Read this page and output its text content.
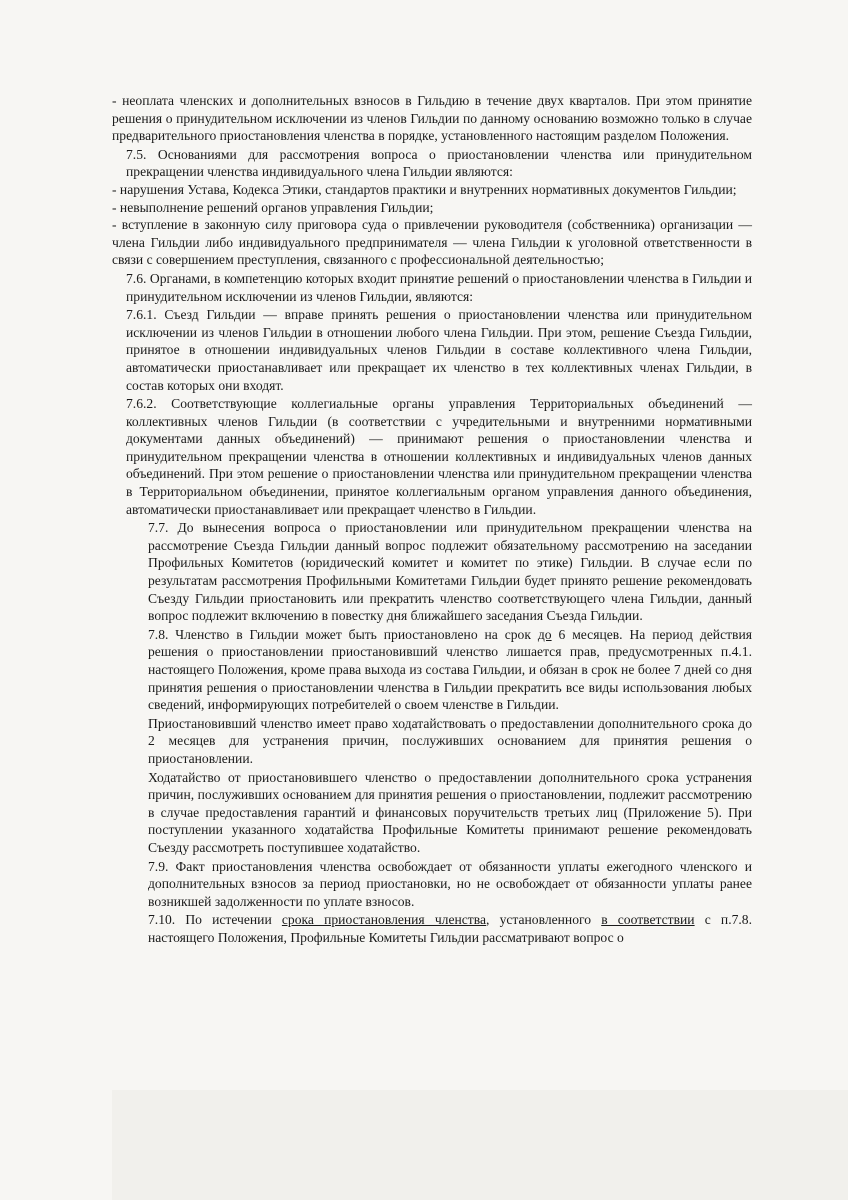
- неоплата членских и дополнительных взносов в Гильдию в течение двух кварталов. При этом принятие решения о принудительном исключении из членов Гильдии по данному основанию возможно только в случае предварительного приостановления членства в порядке, установленного настоящим разделом Положения.

7.5. Основаниями для рассмотрения вопроса о приостановлении членства или принудительном прекращении членства индивидуального члена Гильдии являются:

- нарушения Устава, Кодекса Этики, стандартов практики и внутренних нормативных документов Гильдии;

- невыполнение решений органов управления Гильдии;

- вступление в законную силу приговора суда о привлечении руководителя (собственника) организации — члена Гильдии либо индивидуального предпринимателя — члена Гильдии к уголовной ответственности в связи с совершением преступления, связанного с профессиональной деятельностью;

7.6. Органами, в компетенцию которых входит принятие решений о приостановлении членства в Гильдии и принудительном исключении из членов Гильдии, являются:

7.6.1. Съезд Гильдии — вправе принять решения о приостановлении членства или принудительном исключении из членов Гильдии в отношении любого члена Гильдии. При этом, решение Съезда Гильдии, принятое в отношении индивидуальных членов Гильдии в составе коллективного члена Гильдии, автоматически приостанавливает или прекращает их членство в тех коллективных членах Гильдии, в состав которых они входят.

7.6.2. Соответствующие коллегиальные органы управления Территориальных объединений — коллективных членов Гильдии (в соответствии с учредительными и внутренними нормативными документами данных объединений) — принимают решения о приостановлении членства и принудительном прекращении членства в отношении коллективных и индивидуальных членов данных объединений. При этом решение о приостановлении членства или принудительном прекращении членства в Территориальном объединении, принятое коллегиальным органом управления данного объединения, автоматически приостанавливает или прекращает членство в Гильдии.

7.7. До вынесения вопроса о приостановлении или принудительном прекращении членства на рассмотрение Съезда Гильдии данный вопрос подлежит обязательному рассмотрению на заседании Профильных Комитетов (юридический комитет и комитет по этике) Гильдии. В случае если по результатам рассмотрения Профильными Комитетами Гильдии будет принято решение рекомендовать Съезду Гильдии приостановить или прекратить членство соответствующего члена Гильдии, данный вопрос подлежит включению в повестку дня ближайшего заседания Съезда Гильдии.

7.8. Членство в Гильдии может быть приостановлено на срок до 6 месяцев. На период действия решения о приостановлении приостановивший членство лишается прав, предусмотренных п.4.1. настоящего Положения, кроме права выхода из состава Гильдии, и обязан в срок не более 7 дней со дня принятия решения о приостановлении членства в Гильдии прекратить все виды использования любых сведений, информирующих потребителей о своем членстве в Гильдии.

Приостановивший членство имеет право ходатайствовать о предоставлении дополнительного срока до 2 месяцев для устранения причин, послуживших основанием для принятия решения о приостановлении.

Ходатайство от приостановившего членство о предоставлении дополнительного срока устранения причин, послуживших основанием для принятия решения о приостановлении, подлежит рассмотрению в случае предоставления гарантий и финансовых поручительств третьих лиц (Приложение 5). При поступлении указанного ходатайства Профильные Комитеты принимают решение рекомендовать Съезду рассмотреть поступившее ходатайство.

7.9. Факт приостановления членства освобождает от обязанности уплаты ежегодного членского и дополнительных взносов за период приостановки, но не освобождает от обязанности уплаты ранее возникшей задолженности по уплате взносов.

7.10. По истечении срока приостановления членства, установленного в соответствии с п.7.8. настоящего Положения, Профильные Комитеты Гильдии рассматривают вопрос о
